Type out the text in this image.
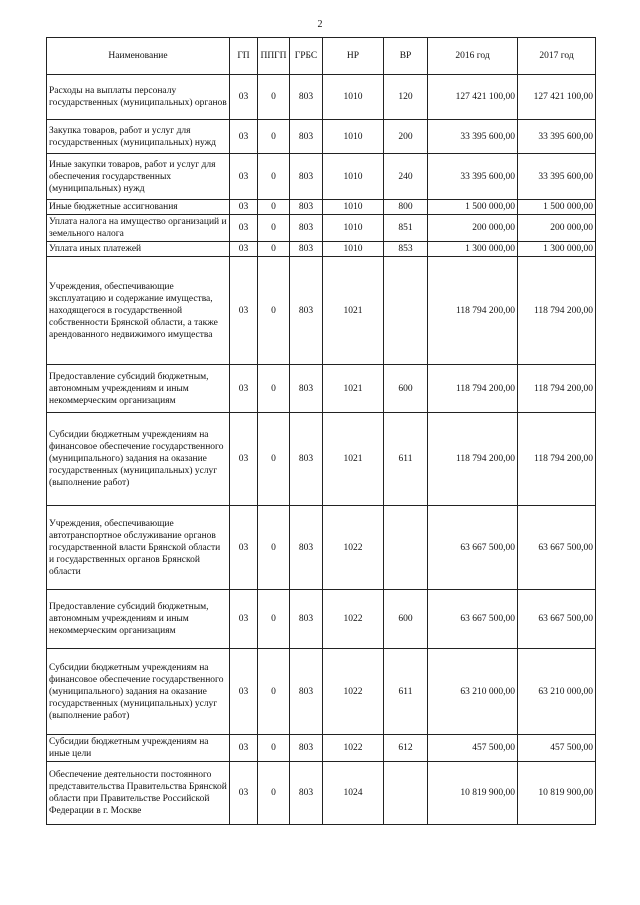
2
Наименование	ГП	ППГП	ГРБС	НР	ВР	2016 год	2017 год
Расходы на выплаты персоналу государственных (муниципальных) органов	03	0	803	1010	120	127 421 100,00	127 421 100,00
Закупка товаров, работ и услуг для государственных (муниципальных) нужд	03	0	803	1010	200	33 395 600,00	33 395 600,00
Иные закупки товаров, работ и услуг для обеспечения государственных (муниципальных) нужд	03	0	803	1010	240	33 395 600,00	33 395 600,00
Иные бюджетные ассигнования	03	0	803	1010	800	1 500 000,00	1 500 000,00
Уплата налога на имущество организаций и земельного налога	03	0	803	1010	851	200 000,00	200 000,00
Уплата иных платежей	03	0	803	1010	853	1 300 000,00	1 300 000,00
Учреждения, обеспечивающие эксплуатацию и содержание имущества, находящегося в государственной собственности Брянской области, а также арендованного недвижимого имущества	03	0	803	1021		118 794 200,00	118 794 200,00
Предоставление субсидий бюджетным, автономным учреждениям и иным некоммерческим организациям	03	0	803	1021	600	118 794 200,00	118 794 200,00
Субсидии бюджетным учреждениям на финансовое обеспечение государственного (муниципального) задания на оказание государственных (муниципальных) услуг (выполнение работ)	03	0	803	1021	611	118 794 200,00	118 794 200,00
Учреждения, обеспечивающие автотранспортное обслуживание органов государственной власти Брянской области и государственных органов Брянской области	03	0	803	1022		63 667 500,00	63 667 500,00
Предоставление субсидий бюджетным, автономным учреждениям и иным некоммерческим организациям	03	0	803	1022	600	63 667 500,00	63 667 500,00
Субсидии бюджетным учреждениям на финансовое обеспечение государственного (муниципального) задания на оказание государственных (муниципальных) услуг (выполнение работ)	03	0	803	1022	611	63 210 000,00	63 210 000,00
Субсидии бюджетным учреждениям на иные цели	03	0	803	1022	612	457 500,00	457 500,00
Обеспечение деятельности постоянного представительства Правительства Брянской области при Правительстве Российской Федерации в г. Москве	03	0	803	1024		10 819 900,00	10 819 900,00
